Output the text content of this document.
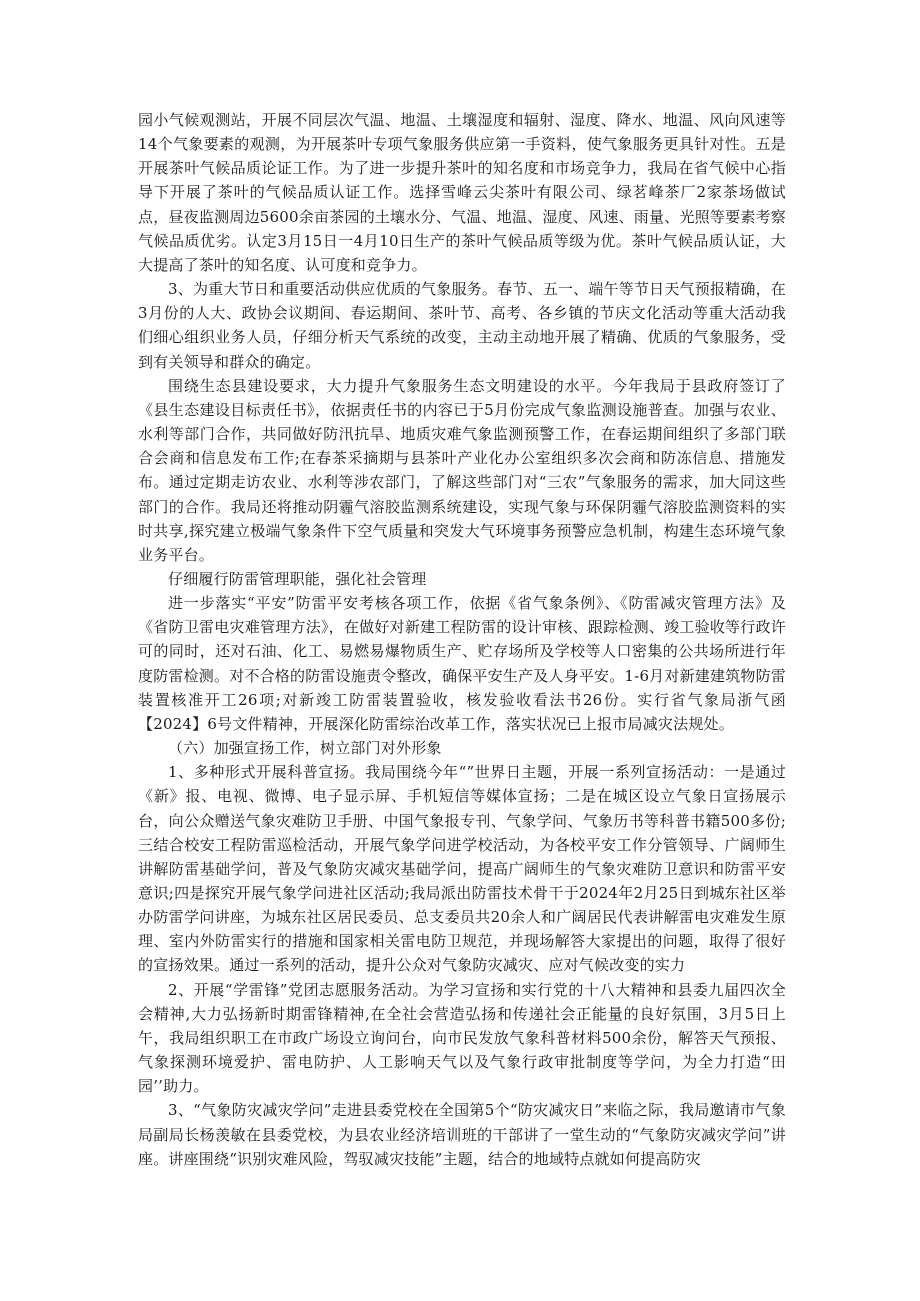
园小气候观测站，开展不同层次气温、地温、土壤湿度和辐射、湿度、降水、地温、风向风速等14个气象要素的观测，为开展茶叶专项气象服务供应第一手资料，使气象服务更具针对性。五是开展茶叶气候品质论证工作。为了进一步提升茶叶的知名度和市场竞争力，我局在省气候中心指导下开展了茶叶的气候品质认证工作。选择雪峰云尖茶叶有限公司、绿茗峰茶厂2家茶场做试点，昼夜监测周边5600余亩茶园的土壤水分、气温、地温、湿度、风速、雨量、光照等要素考察气候品质优劣。认定3月15日一4月10日生产的茶叶气候品质等级为优。茶叶气候品质认证，大大提高了茶叶的知名度、认可度和竞争力。

3、为重大节日和重要活动供应优质的气象服务。春节、五一、端午等节日天气预报精确，在3月份的人大、政协会议期间、春运期间、茶叶节、高考、各乡镇的节庆文化活动等重大活动我们细心组织业务人员，仔细分析天气系统的改变，主动主动地开展了精确、优质的气象服务，受到有关领导和群众的确定。

围绕生态县建设要求，大力提升气象服务生态文明建设的水平。今年我局于县政府签订了《县生态建设目标责任书》，依据责任书的内容已于5月份完成气象监测设施普查。加强与农业、水利等部门合作，共同做好防汛抗旱、地质灾难气象监测预警工作，在春运期间组织了多部门联合会商和信息发布工作;在春茶采摘期与县茶叶产业化办公室组织多次会商和防冻信息、措施发布。通过定期走访农业、水利等涉农部门，了解这些部门对“三农”气象服务的需求，加大同这些部门的合作。我局还将推动阴霾气溶胶监测系统建设，实现气象与环保阴霾气溶胶监测资料的实时共享,探究建立极端气象条件下空气质量和突发大气环境事务预警应急机制，构建生态环境气象业务平台。

仔细履行防雷管理职能，强化社会管理

进一步落实“平安”防雷平安考核各项工作，依据《省气象条例》、《防雷减灾管理方法》及《省防卫雷电灾难管理方法》，在做好对新建工程防雷的设计审核、跟踪检测、竣工验收等行政许可的同时，还对石油、化工、易燃易爆物质生产、贮存场所及学校等人口密集的公共场所进行年度防雷检测。对不合格的防雷设施责令整改，确保平安生产及人身平安。1-6月对新建建筑物防雷装置核准开工26项;对新竣工防雷装置验收，核发验收看法书26份。实行省气象局浙气函【2024】6号文件精神，开展深化防雷综治改革工作，落实状况已上报市局减灾法规处。

（六）加强宣扬工作，树立部门对外形象

1、多种形式开展科普宣扬。我局围绕今年“”世界日主题，开展一系列宣扬活动：一是通过《新》报、电视、微博、电子显示屏、手机短信等媒体宣扬；二是在城区设立气象日宣扬展示台，向公众赠送气象灾难防卫手册、中国气象报专刊、气象学问、气象历书等科普书籍500多份;三结合校安工程防雷巡检活动，开展气象学问进学校活动，为各校平安工作分管领导、广阔师生讲解防雷基础学问，普及气象防灾减灾基础学问，提高广阔师生的气象灾难防卫意识和防雷平安意识;四是探究开展气象学问进社区活动;我局派出防雷技术骨干于2024年2月25日到城东社区举办防雷学问讲座，为城东社区居民委员、总支委员共20余人和广阔居民代表讲解雷电灾难发生原理、室内外防雷实行的措施和国家相关雷电防卫规范，并现场解答大家提出的问题，取得了很好的宣扬效果。通过一系列的活动，提升公众对气象防灾减灾、应对气候改变的实力

2、开展“学雷锋”党团志愿服务活动。为学习宣扬和实行党的十八大精神和县委九届四次全会精神,大力弘扬新时期雷锋精神,在全社会营造弘扬和传递社会正能量的良好氛围，3月5日上午，我局组织职工在市政广场设立询问台，向市民发放气象科普材料500余份，解答天气预报、气象探测环境爱护、雷电防护、人工影响天气以及气象行政审批制度等学问，为全力打造“田园’’助力。

3、“气象防灾减灾学问”走进县委党校在全国第5个“防灾减灾日”来临之际，我局邀请市气象局副局长杨羡敏在县委党校，为县农业经济培训班的干部讲了一堂生动的“气象防灾减灾学问”讲座。讲座围绕“识别灾难风险，驾驭减灾技能”主题，结合的地域特点就如何提高防灾
